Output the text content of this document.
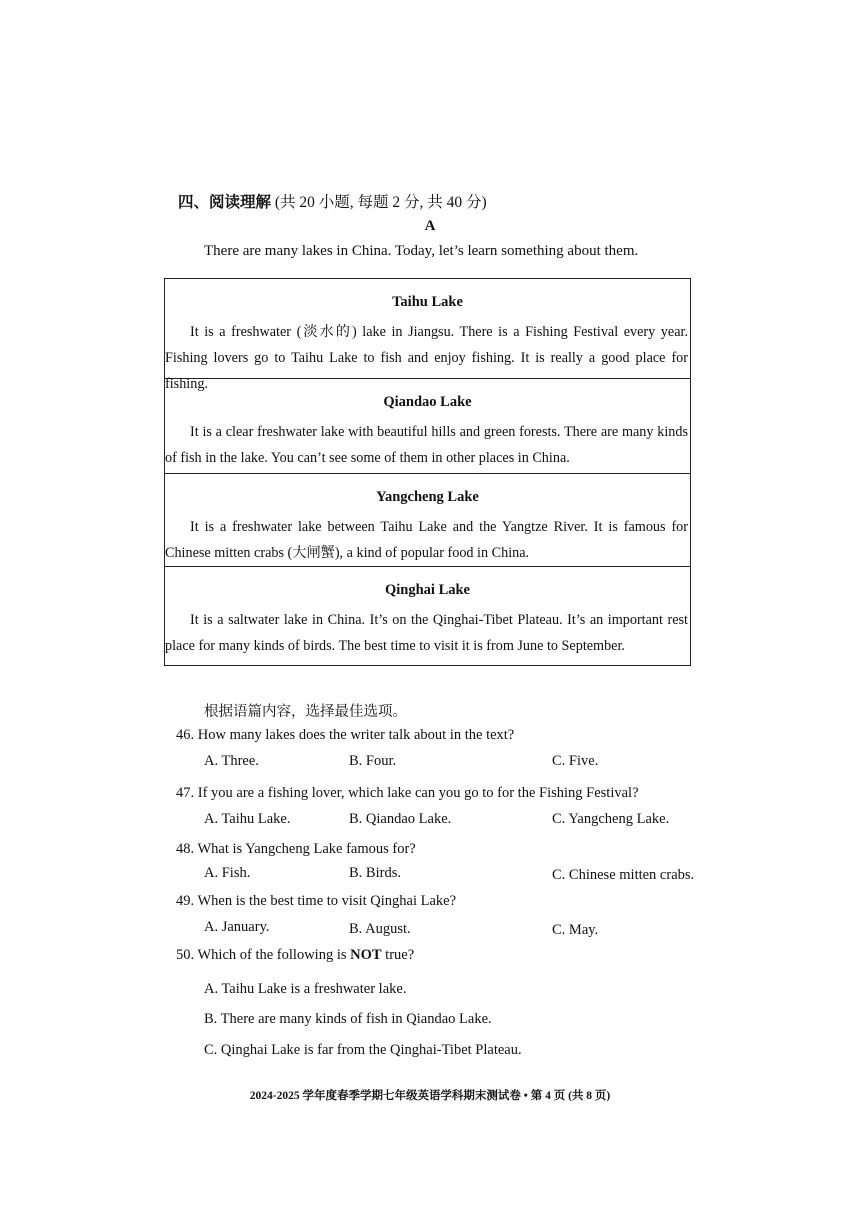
四、阅读理解 (共 20 小题, 每题 2 分, 共 40 分)
A
There are many lakes in China. Today, let’s learn something about them.
Taihu Lake
It is a freshwater (淡水的) lake in Jiangsu. There is a Fishing Festival every year. Fishing lovers go to Taihu Lake to fish and enjoy fishing. It is really a good place for fishing.
Qiandao Lake
It is a clear freshwater lake with beautiful hills and green forests. There are many kinds of fish in the lake. You can’t see some of them in other places in China.
Yangcheng Lake
It is a freshwater lake between Taihu Lake and the Yangtze River. It is famous for Chinese mitten crabs (大闸蟹), a kind of popular food in China.
Qinghai Lake
It is a saltwater lake in China. It’s on the Qinghai-Tibet Plateau. It’s an important rest place for many kinds of birds. The best time to visit it is from June to September.
根据语篇内容，选择最佳选项。
46. How many lakes does the writer talk about in the text?
A. Three.	B. Four.	C. Five.
47. If you are a fishing lover, which lake can you go to for the Fishing Festival?
A. Taihu Lake.	B. Qiandao Lake.	C. Yangcheng Lake.
48. What is Yangcheng Lake famous for?
A. Fish.	B. Birds.	C. Chinese mitten crabs.
49. When is the best time to visit Qinghai Lake?
A. January.	B. August.	C. May.
50. Which of the following is NOT true?
A. Taihu Lake is a freshwater lake.
B. There are many kinds of fish in Qiandao Lake.
C. Qinghai Lake is far from the Qinghai-Tibet Plateau.
2024-2025 学年度春季学期七年级英语学科期末测试卷 • 第 4 页 (共 8 页)
